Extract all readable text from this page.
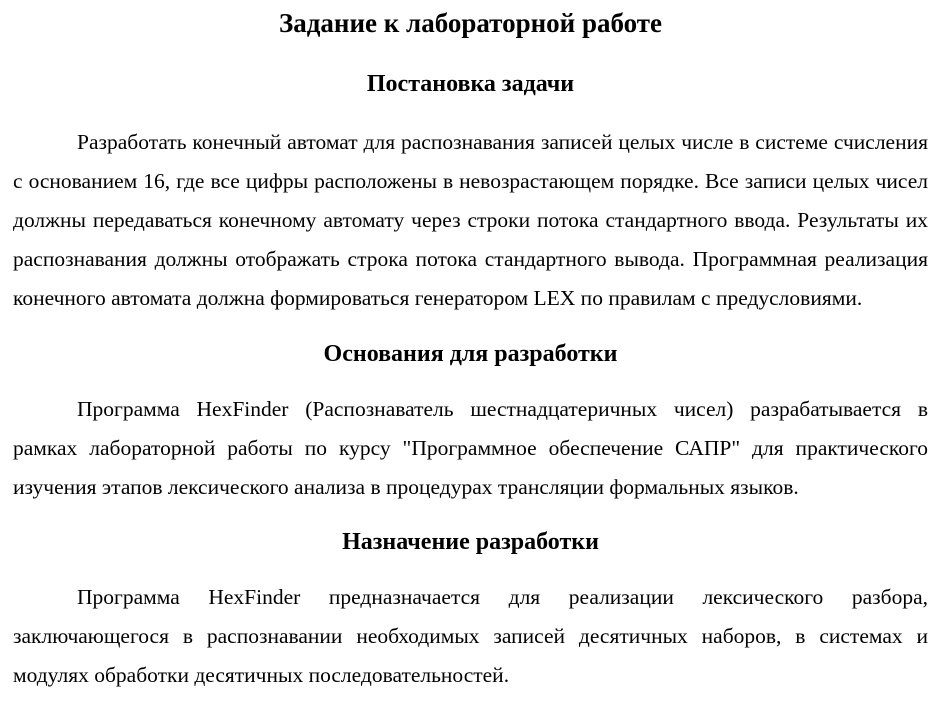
Задание к лабораторной работе
Постановка задачи

Разработать конечный автомат для распознавания записей целых числе в системе счисления с основанием 16, где все цифры расположены в невозрастающем порядке. Все записи целых чисел должны передаваться конечному автомату через строки потока стандартного ввода. Результаты их распознавания должны отображать строка потока стандартного вывода. Программная реализация конечного автомата должна формироваться генератором LEX по правилам с предусловиями.

Основания для разработки

Программа HexFinder (Распознаватель шестнадцатеричных чисел) разрабатывается в рамках лабораторной работы по курсу "Программное обеспечение САПР" для практического изучения этапов лексического анализа в процедурах трансляции формальных языков.

Назначение разработки

Программа HexFinder предназначается для реализации лексического разбора, заключающегося в распознавании необходимых записей десятичных наборов, в системах и модулях обработки десятичных последовательностей.
